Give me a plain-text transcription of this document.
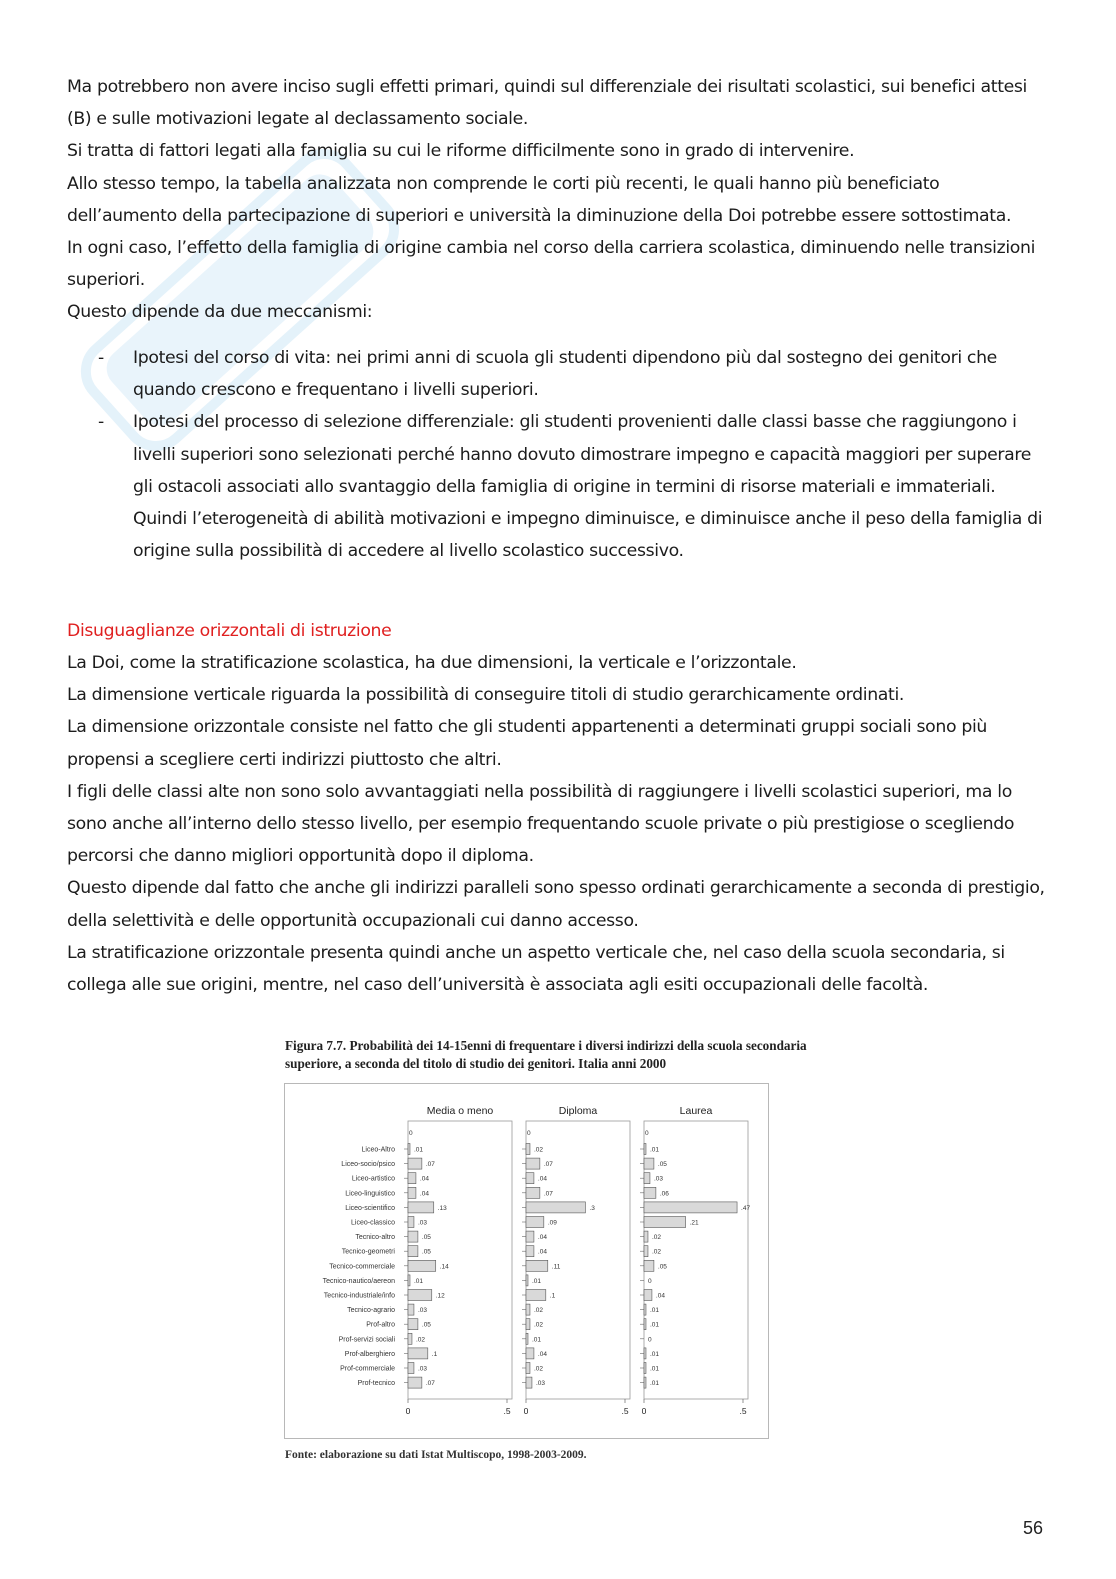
Ma potrebbero non avere inciso sugli effetti primari, quindi sul differenziale dei risultati scolastici, sui benefici attesi (B) e sulle motivazioni legate al declassamento sociale.

Si tratta di fattori legati alla famiglia su cui le riforme difficilmente sono in grado di intervenire.

Allo stesso tempo, la tabella analizzata non comprende le corti più recenti, le quali hanno più beneficiato dell’aumento della partecipazione di superiori e università la diminuzione della Doi potrebbe essere sottostimata.

In ogni caso, l’effetto della famiglia di origine cambia nel corso della carriera scolastica, diminuendo nelle transizioni superiori.

Questo dipende da due meccanismi:

- Ipotesi del corso di vita: nei primi anni di scuola gli studenti dipendono più dal sostegno dei genitori che quando crescono e frequentano i livelli superiori.
- Ipotesi del processo di selezione differenziale: gli studenti provenienti dalle classi basse che raggiungono i livelli superiori sono selezionati perché hanno dovuto dimostrare impegno e capacità maggiori per superare gli ostacoli associati allo svantaggio della famiglia di origine in termini di risorse materiali e immateriali.
Quindi l’eterogeneità di abilità motivazioni e impegno diminuisce, e diminuisce anche il peso della famiglia di origine sulla possibilità di accedere al livello scolastico successivo.
Disuguaglianze orizzontali di istruzione

La Doi, come la stratificazione scolastica, ha due dimensioni, la verticale e l’orizzontale.

La dimensione verticale riguarda la possibilità di conseguire titoli di studio gerarchicamente ordinati.

La dimensione orizzontale consiste nel fatto che gli studenti appartenenti a determinati gruppi sociali sono più propensi a scegliere certi indirizzi piuttosto che altri.

I figli delle classi alte non sono solo avvantaggiati nella possibilità di raggiungere i livelli scolastici superiori, ma lo sono anche all’interno dello stesso livello, per esempio frequentando scuole private o più prestigiose o scegliendo percorsi che danno migliori opportunità dopo il diploma.

Questo dipende dal fatto che anche gli indirizzi paralleli sono spesso ordinati gerarchicamente a seconda di prestigio, della selettività e delle opportunità occupazionali cui danno accesso.

La stratificazione orizzontale presenta quindi anche un aspetto verticale che, nel caso della scuola secondaria, si collega alle sue origini, mentre, nel caso dell’università è associata agli esiti occupazionali delle facoltà.

Figura 7.7. Probabilità dei 14-15enni di frequentare i diversi indirizzi della scuola secondaria superiore, a seconda del titolo di studio dei genitori. Italia anni 2000
Liceo-Altro
Liceo-socio/psico
Liceo-artistico
Liceo-linguistico
Liceo-scientifico
Liceo-classico
Tecnico-altro
Tecnico-geometri
Tecnico-commerciale
Tecnico-nautico/aereon
Tecnico-industriale/info
Tecnico-agrario
Prof-altro
Prof-servizi sociali
Prof-alberghiero
Prof-commerciale
Prof-tecnico
Media o meno
0
0	.5
.01
.07
.04
.04
.13
.03
.05
.05
.14
.01
.12
.03
.05
.02
.1
.03
.07
Diploma
0
0	.5
.02
.07
.04
.07
.3
.09
.04
.04
.11
.01
.1
.02
.02
.01
.04
.02
.03
Laurea
0
0	.5
.01
.05
.03
.06
.47
.21
.02
.02
.05
0
.04
.01
.01
0
.01
.01
.01
Fonte: elaborazione su dati Istat Multiscopo, 1998-2003-2009.
56
